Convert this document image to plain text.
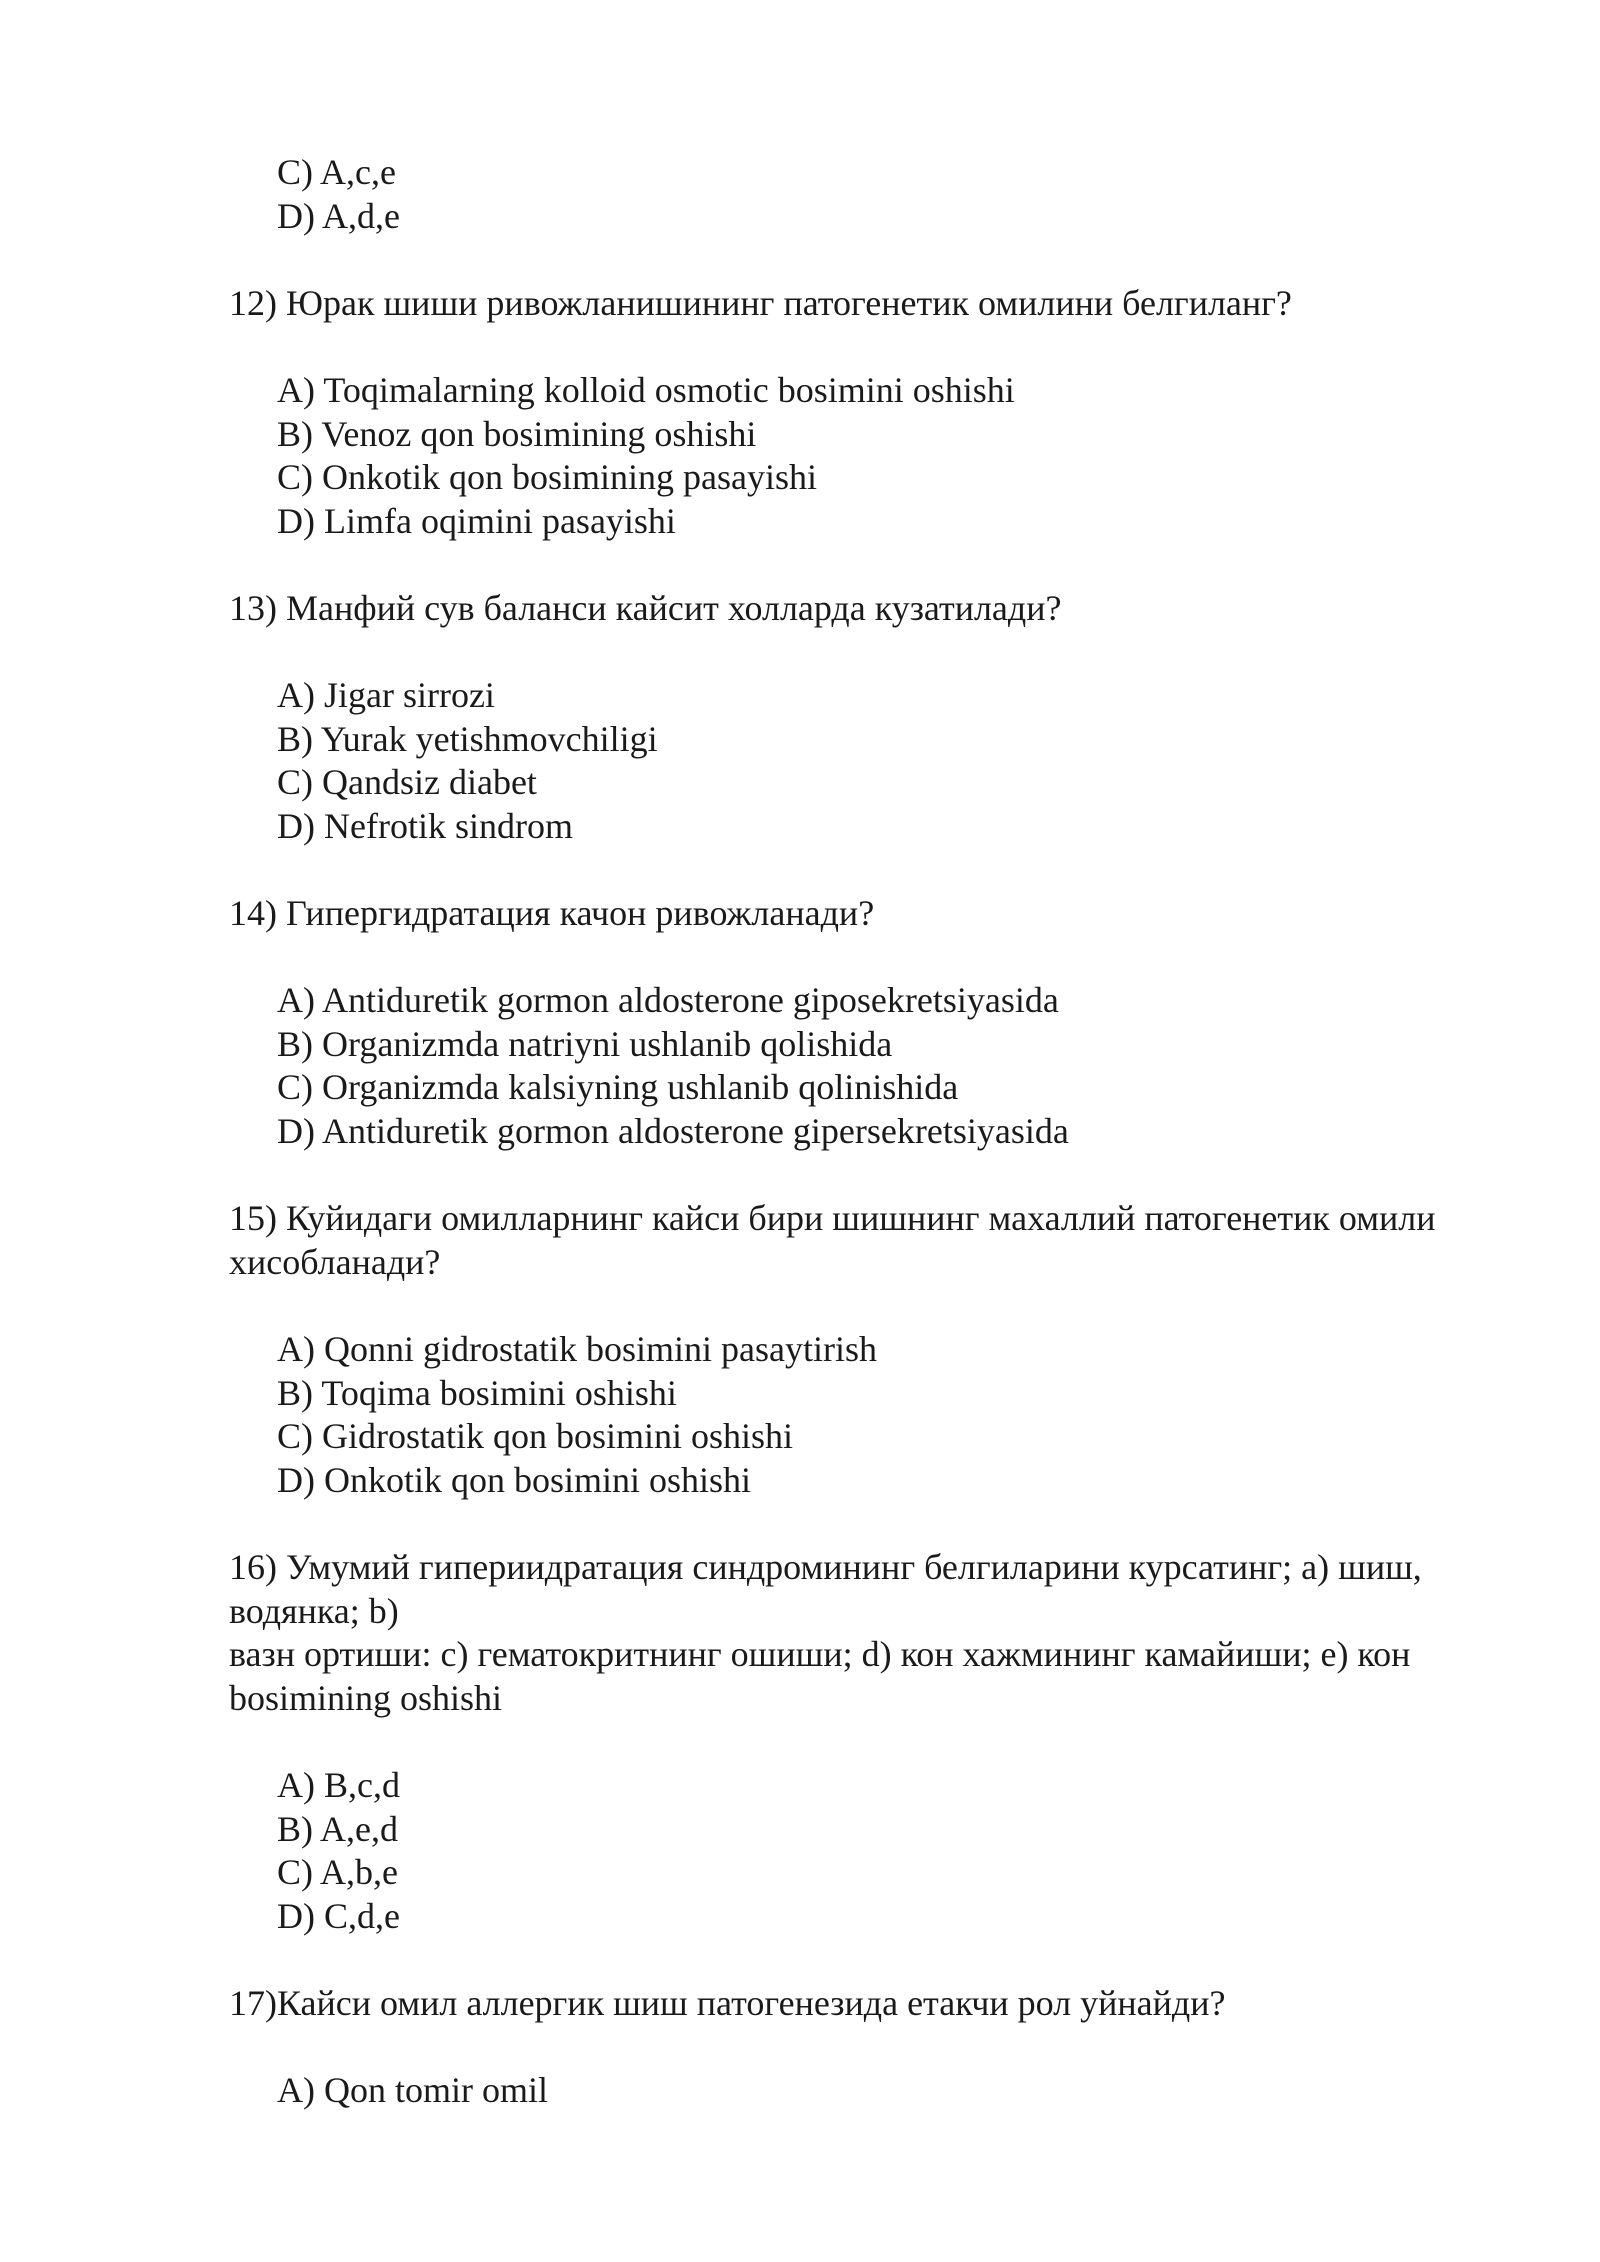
C) A,c,e
D) A,d,e
12) Юрак шиши ривожланишининг патогенетик омилини белгиланг?
A) Toqimalarning kolloid osmotic bosimini oshishi
B) Venoz qon bosimining oshishi
C) Onkotik qon bosimining pasayishi
D) Limfa oqimini pasayishi
13) Манфий сув баланси кайсит холларда кузатилади?
A) Jigar sirrozi
B) Yurak yetishmovchiligi
C) Qandsiz diabet
D) Nefrotik sindrom
14) Гипергидратация качон ривожланади?
A) Antiduretik gormon aldosterone giposekretsiyasida
B) Organizmda natriyni ushlanib qolishida
C) Organizmda kalsiyning ushlanib qolinishida
D) Antiduretik gormon aldosterone gipersekretsiyasida
15) Куйидаги омилларнинг кайси бири шишнинг махаллий патогенетик омили
хисобланади?
A) Qonni gidrostatik bosimini pasaytirish
B) Toqima bosimini oshishi
C) Gidrostatik qon bosimini oshishi
D) Onkotik qon bosimini oshishi
16) Умумий гипериидратация синдромининг белгиларини курсатинг; а) шиш,
водянка; b)
вазн ортиши: c) гематокритнинг ошиши; d) кон хажмининг камайиши; е) кон
bosimining oshishi
A) B,c,d
B) A,e,d
C) A,b,e
D) C,d,e
17)Кайси омил аллергик шиш патогенезида етакчи рол уйнайди?
A) Qon tomir omil
